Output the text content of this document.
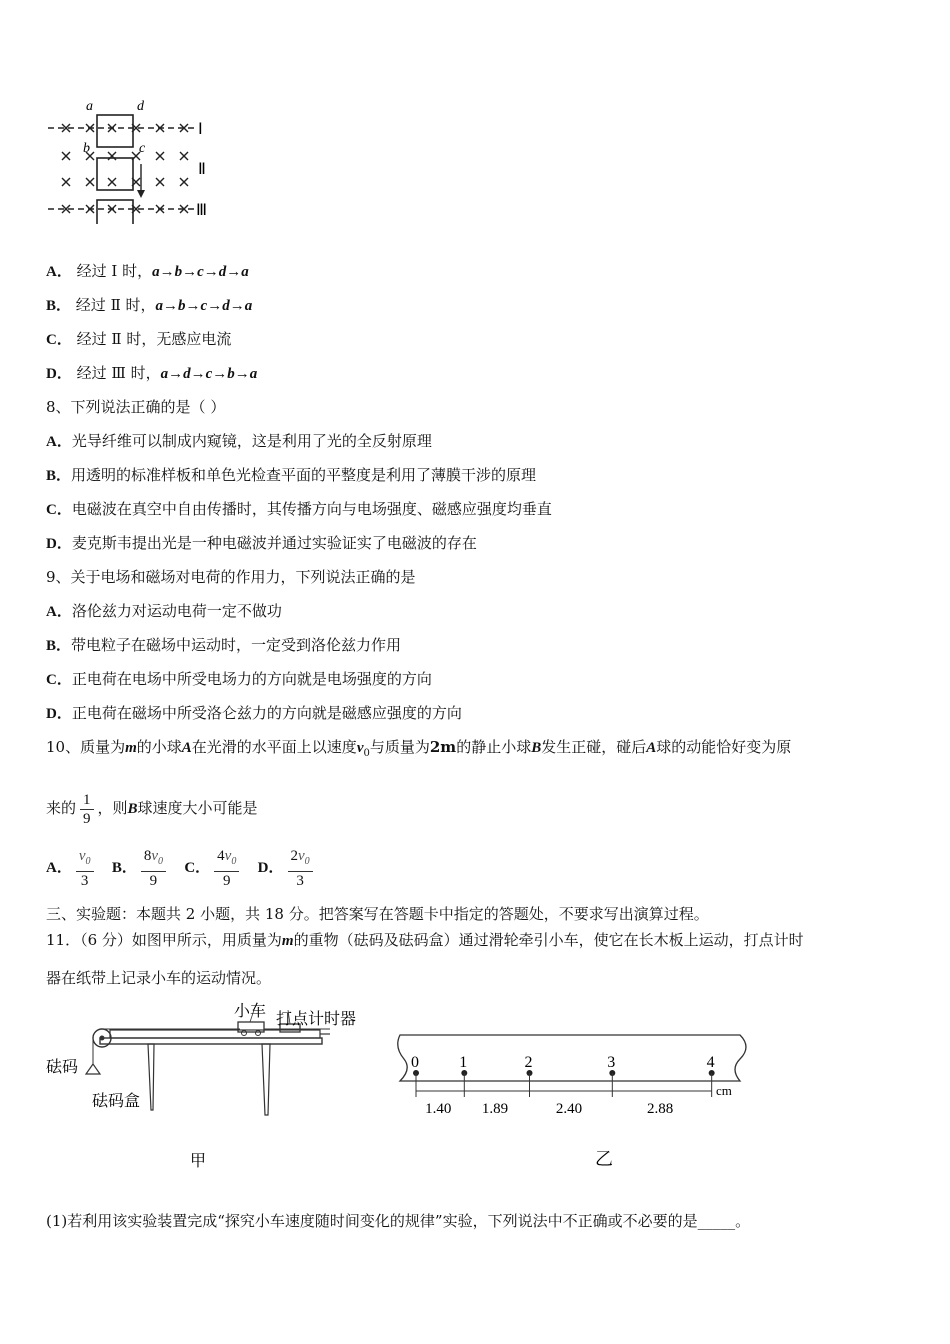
a	d
b	c
Ⅰ
Ⅱ
Ⅲ
A． 经过 Ⅰ 时，a→b→c→d→a
B． 经过 Ⅱ 时，a→b→c→d→a
C． 经过 Ⅱ 时，无感应电流
D． 经过 Ⅲ 时，a→d→c→b→a
8、下列说法正确的是（ ）
A．光导纤维可以制成内窥镜，这是利用了光的全反射原理
B．用透明的标准样板和单色光检查平面的平整度是利用了薄膜干涉的原理
C．电磁波在真空中自由传播时，其传播方向与电场强度、磁感应强度均垂直
D．麦克斯韦提出光是一种电磁波并通过实验证实了电磁波的存在
9、关于电场和磁场对电荷的作用力，下列说法正确的是
A．洛伦兹力对运动电荷一定不做功
B．带电粒子在磁场中运动时，一定受到洛伦兹力作用
C．正电荷在电场中所受电场力的方向就是电场强度的方向
D．正电荷在磁场中所受洛仑兹力的方向就是磁感应强度的方向
10、质量为m的小球A在光滑的水平面上以速度$v_0$与质量为2m的静止小球B发生正碰，碰后A球的动能恰好变为原
来的 $\frac{1}{9}$ ，则B球速度大小可能是
A． $\frac{v_0}{3}$ B． $\frac{8v_0}{9}$ C． $\frac{4v_0}{9}$ D． $\frac{2v_0}{3}$
三、实验题：本题共 2 小题，共 18 分。把答案写在答题卡中指定的答题处，不要求写出演算过程。
11．（6 分）如图甲所示，用质量为m的重物（砝码及砝码盒）通过滑轮牵引小车，使它在长木板上运动，打点计时
器在纸带上记录小车的运动情况。
小车 打点计时器
砝码
砝码盒
甲
0	1	2	3	4
1.40 1.89	2.40	2.88
乙
cm
(1)若利用该实验装置完成“探究小车速度随时间变化的规律”实验，下列说法中不正确或不必要的是_____。
